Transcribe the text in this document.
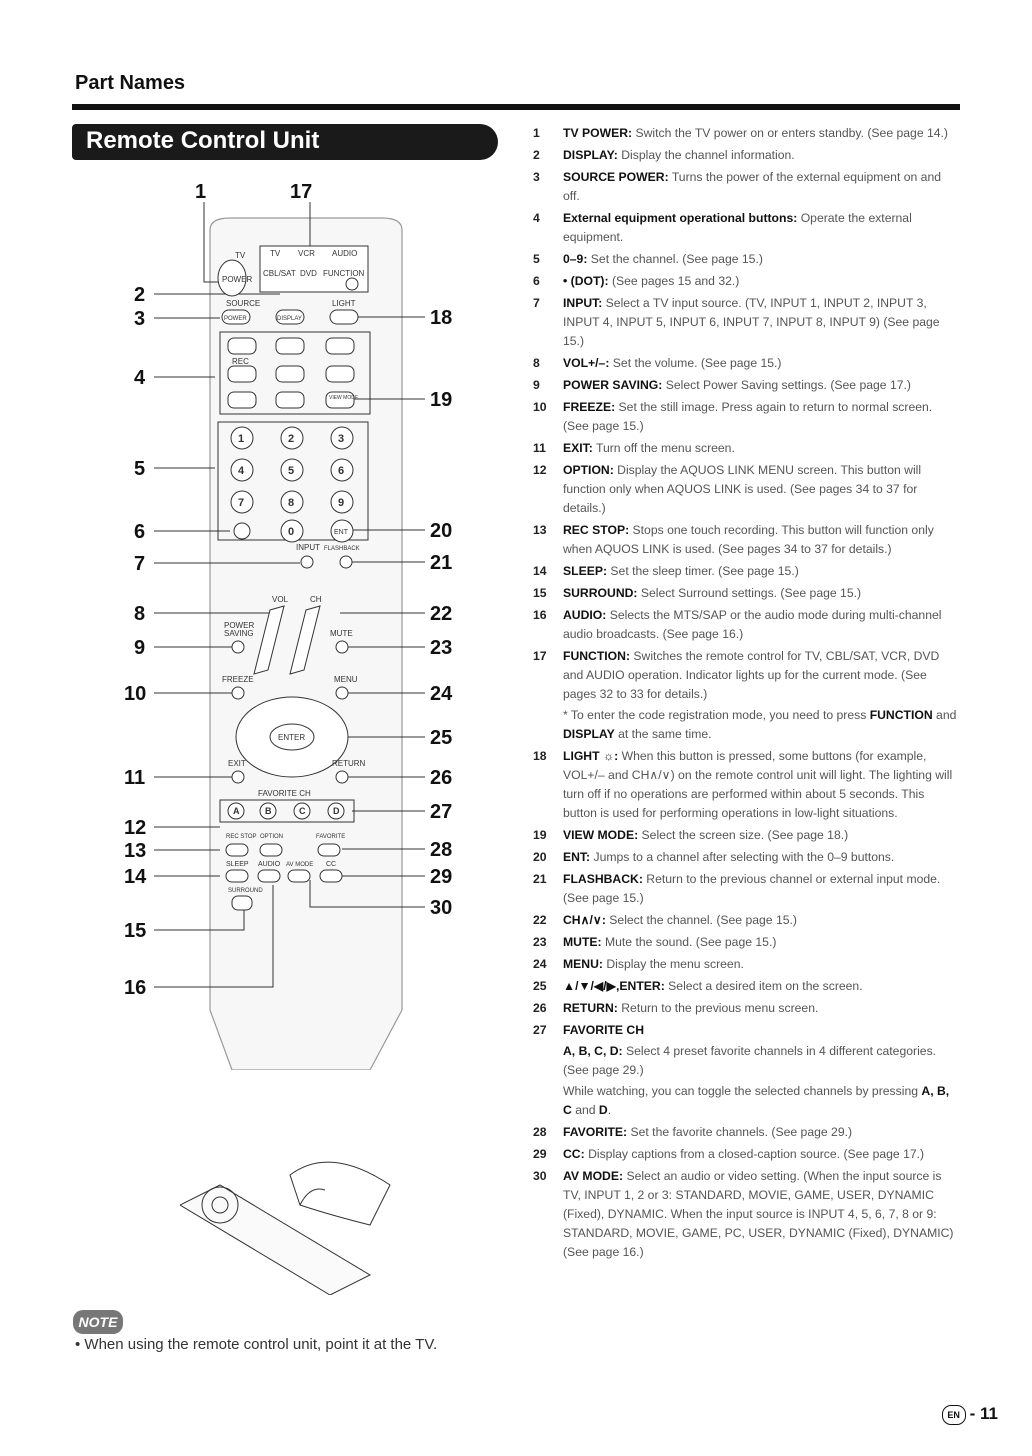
Part Names
Remote Control Unit
1	17
2
3
4
5
6
7
8
9
10
11
12
13
14
15
16
18
19
20
21
22
23
24
25
26
27
28
29
30
TV	TV VCR AUDIO
CBL/SAT DVD FUNCTION
POWER
SOURCE	LIGHT
POWER	DISPLAY
REC
VIEW MODE
1	2	3
4	5	6
7	8	9
0	ENT
INPUT FLASHBACK
VOL	CH
POWER
SAVING	MUTE
FREEZE	MENU
ENTER
EXIT	RETURN
FAVORITE CH
A	B	C	D
REC STOP OPTION	FAVORITE
SLEEP AUDIO AV MODE CC
SURROUND
NOTE
• When using the remote control unit, point it at the TV.
1	TV POWER: Switch the TV power on or enters standby. (See page 14.)
2	DISPLAY: Display the channel information.
3	SOURCE POWER: Turns the power of the external equipment on and off.
4	External equipment operational buttons: Operate the external equipment.
5	0–9: Set the channel. (See page 15.)
6	• (DOT): (See pages 15 and 32.)
7	INPUT: Select a TV input source. (TV, INPUT 1, INPUT 2, INPUT 3, INPUT 4, INPUT 5, INPUT 6, INPUT 7, INPUT 8, INPUT 9) (See page 15.)
8	VOL+/–: Set the volume. (See page 15.)
9	POWER SAVING: Select Power Saving settings. (See page 17.)
10	FREEZE: Set the still image. Press again to return to normal screen. (See page 15.)
11	EXIT: Turn off the menu screen.
12	OPTION: Display the AQUOS LINK MENU screen. This button will function only when AQUOS LINK is used. (See pages 34 to 37 for details.)
13	REC STOP: Stops one touch recording. This button will function only when AQUOS LINK is used. (See pages 34 to 37 for details.)
14	SLEEP: Set the sleep timer. (See page 15.)
15	SURROUND: Select Surround settings. (See page 15.)
16	AUDIO: Selects the MTS/SAP or the audio mode during multi-channel audio broadcasts. (See page 16.)
17	FUNCTION: Switches the remote control for TV, CBL/SAT, VCR, DVD and AUDIO operation. Indicator lights up for the current mode. (See pages 32 to 33 for details.)
* To enter the code registration mode, you need to press FUNCTION and DISPLAY at the same time.
18	LIGHT ☼: When this button is pressed, some buttons (for example, VOL+/– and CH∧/∨) on the remote control unit will light. The lighting will turn off if no operations are performed within about 5 seconds. This button is used for performing operations in low-light situations.
19	VIEW MODE: Select the screen size. (See page 18.)
20	ENT: Jumps to a channel after selecting with the 0–9 buttons.
21	FLASHBACK: Return to the previous channel or external input mode. (See page 15.)
22	CH∧/∨: Select the channel. (See page 15.)
23	MUTE: Mute the sound. (See page 15.)
24	MENU: Display the menu screen.
25	▲/▼/◀/▶,ENTER: Select a desired item on the screen.
26	RETURN: Return to the previous menu screen.
27	FAVORITE CH
A, B, C, D: Select 4 preset favorite channels in 4 different categories. (See page 29.)
While watching, you can toggle the selected channels by pressing A, B, C and D.
28	FAVORITE: Set the favorite channels. (See page 29.)
29	CC: Display captions from a closed-caption source. (See page 17.)
30	AV MODE: Select an audio or video setting. (When the input source is TV, INPUT 1, 2 or 3: STANDARD, MOVIE, GAME, USER, DYNAMIC (Fixed), DYNAMIC. When the input source is INPUT 4, 5, 6, 7, 8 or 9: STANDARD, MOVIE, GAME, PC, USER, DYNAMIC (Fixed), DYNAMIC) (See page 16.)
EN - 11
